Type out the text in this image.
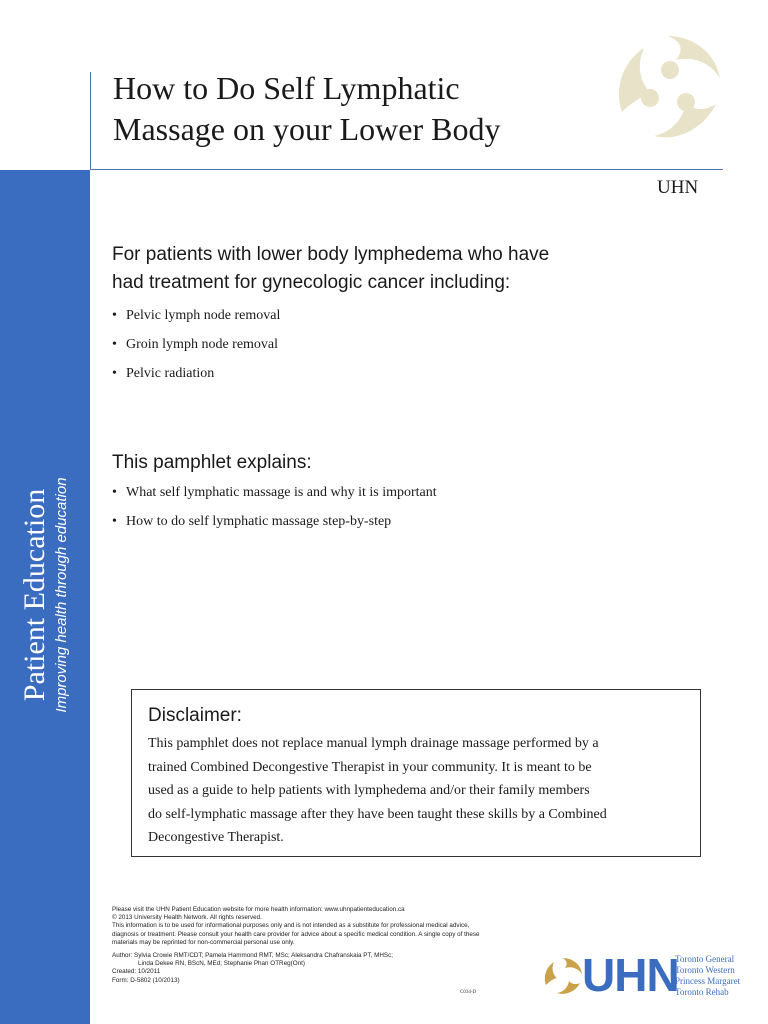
Patient Education Improving health through education
How to Do Self Lymphatic
Massage on your Lower Body
UHN

For patients with lower body lymphedema who have
had treatment for gynecologic cancer including:

• Pelvic lymph node removal
• Groin lymph node removal
• Pelvic radiation

This pamphlet explains:

• What self lymphatic massage is and why it is important
• How to do self lymphatic massage step-by-step

Disclaimer:

This pamphlet does not replace manual lymph drainage massage performed by a
trained Combined Decongestive Therapist in your community. It is meant to be
used as a guide to help patients with lymphedema and/or their family members
do self-lymphatic massage after they have been taught these skills by a Combined
Decongestive Therapist.

Please visit the UHN Patient Education website for more health information: www.uhnpatienteducation.ca

© 2013 University Health Network. All rights reserved.

This information is to be used for informational purposes only and is not intended as a substitute for professional medical advice,

diagnosis or treatment. Please consult your health care provider for advice about a specific medical condition. A single copy of these

materials may be reprinted for non-commercial personal use only.

Author: Sylvia Crowie RMT/CDT; Pamela Hammond RMT, MSc; Aleksandra Chafranskaia PT, MHSc;

Linda Dekee RN, BScN, MEd; Stephanie Phan OTReg(Ont)

Created: 10/2011

Form: D-5802 (10/2013)

C034-D UHN
Toronto General
Toronto Western
Princess Margaret
Toronto Rehab
